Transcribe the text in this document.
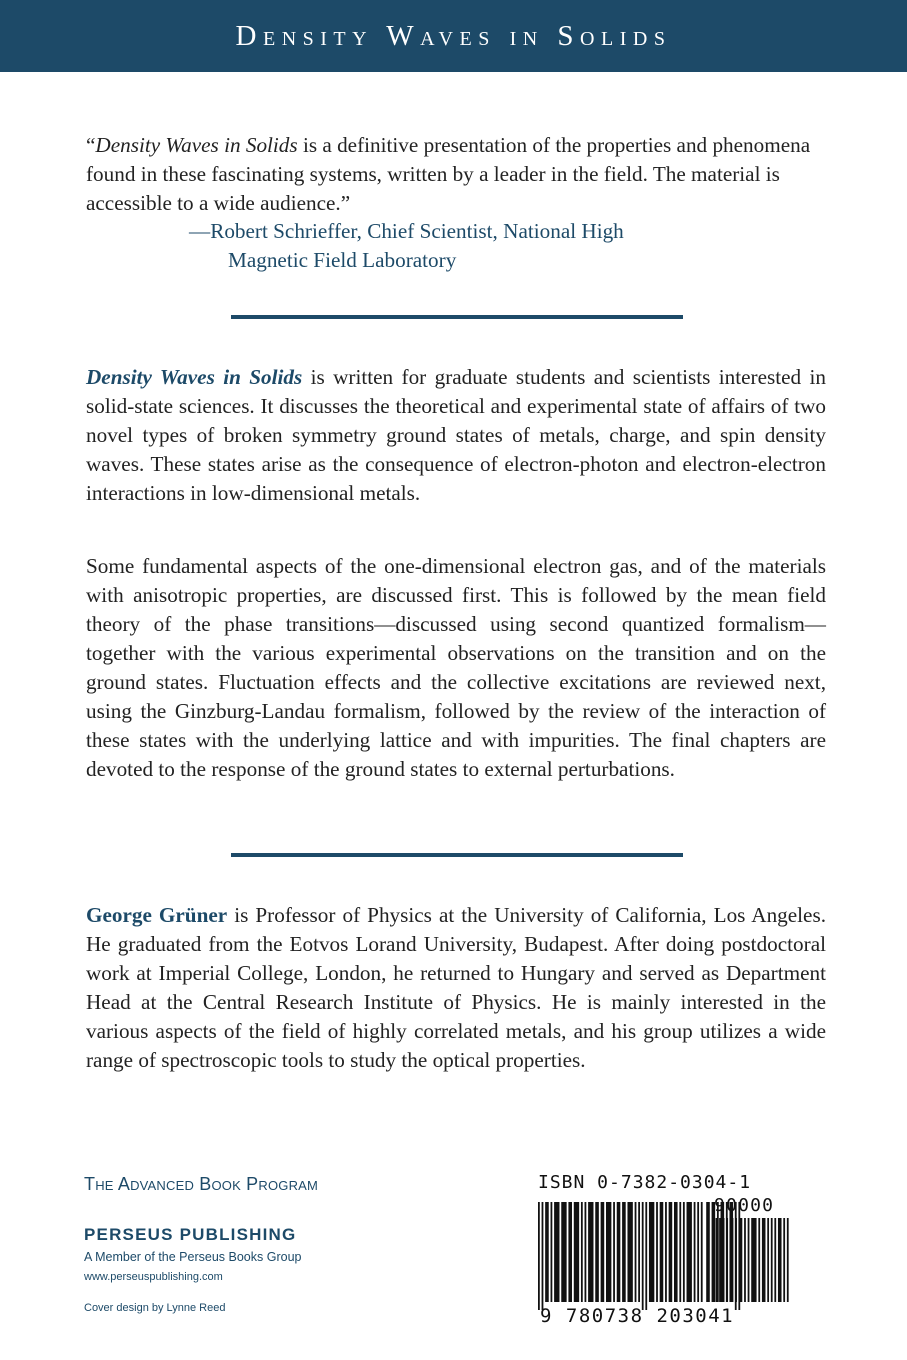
Density Waves in Solids

“Density Waves in Solids is a definitive presentation of the properties and phenomena found in these fascinating systems, written by a leader in the field. The material is accessible to a wide audience.”

—Robert Schrieffer, Chief Scientist, National High
Magnetic Field Laboratory

Density Waves in Solids is written for graduate students and scientists interested in solid-state sciences. It discusses the theoretical and experimental state of affairs of two novel types of broken symmetry ground states of metals, charge, and spin density waves. These states arise as the consequence of electron-photon and electron-electron interactions in low-dimensional metals.

Some fundamental aspects of the one-dimensional electron gas, and of the materials with anisotropic properties, are discussed first. This is followed by the mean field theory of the phase transitions—discussed using second quantized formalism—together with the various experimental observations on the transition and on the ground states. Fluctuation effects and the collective excitations are reviewed next, using the Ginzburg-Landau formalism, followed by the review of the interaction of these states with the underlying lattice and with impurities. The final chapters are devoted to the response of the ground states to external perturbations.

George Grüner is Professor of Physics at the University of California, Los Angeles. He graduated from the Eotvos Lorand University, Budapest. After doing postdoctoral work at Imperial College, London, he returned to Hungary and served as Department Head at the Central Research Institute of Physics. He is mainly interested in the various aspects of the field of highly correlated metals, and his group utilizes a wide range of spectroscopic tools to study the optical properties.

The Advanced Book Program
PERSEUS PUBLISHING
A Member of the Perseus Books Group
www.perseuspublishing.com
Cover design by Lynne Reed
ISBN 0-7382-0304-1
90000
9 780738 203041
